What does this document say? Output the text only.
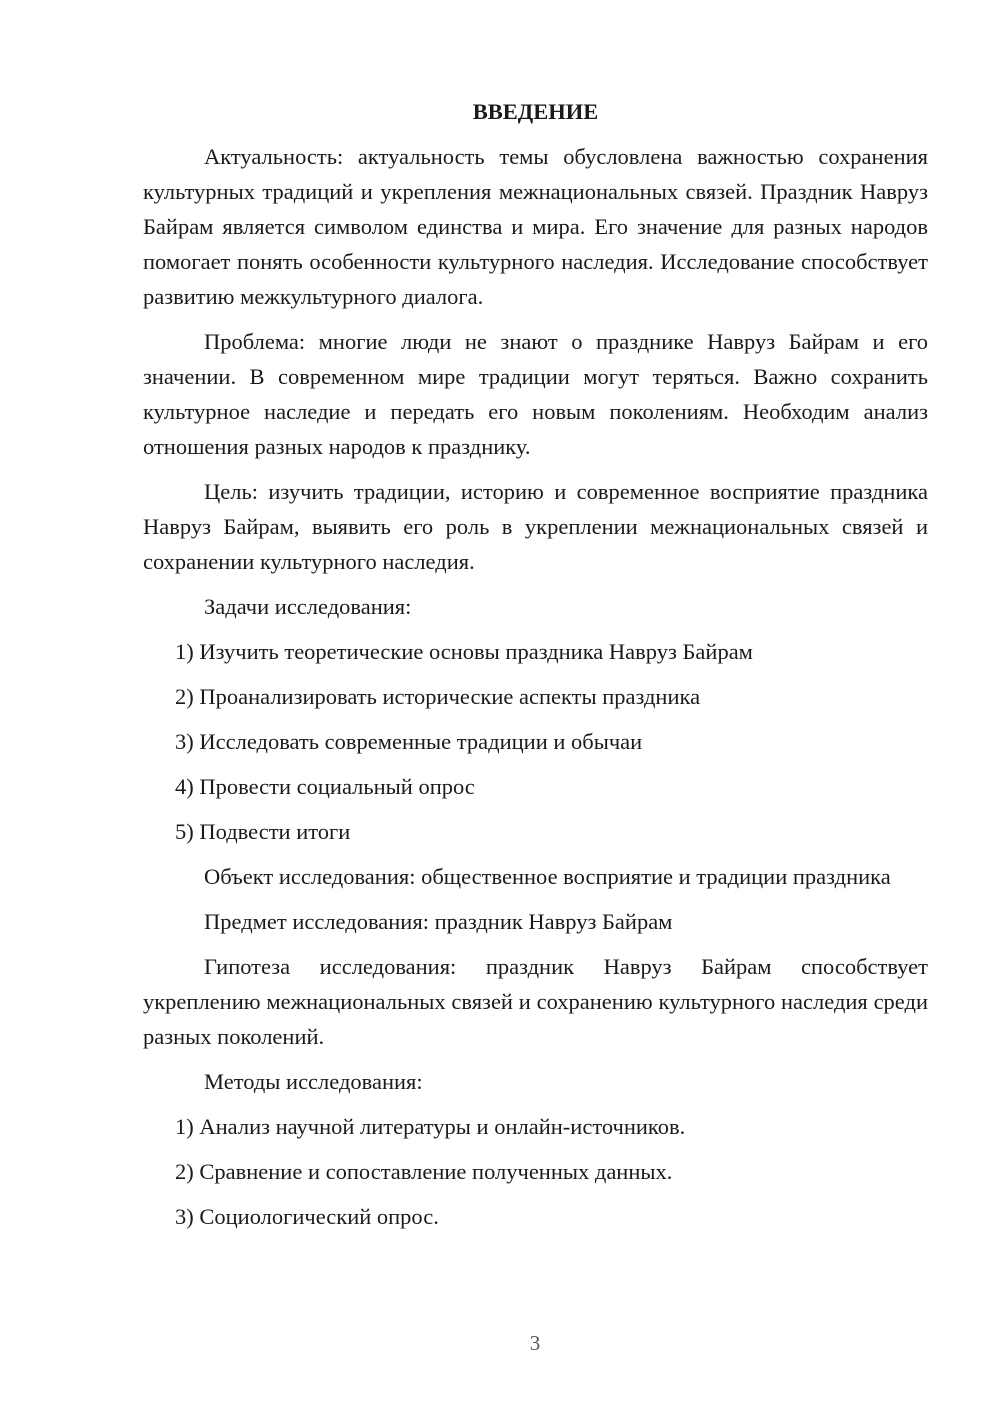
ВВЕДЕНИЕ

Актуальность: актуальность темы обусловлена важностью сохранения культурных традиций и укрепления межнациональных связей. Праздник Навруз Байрам является символом единства и мира. Его значение для разных народов помогает понять особенности культурного наследия. Исследование способствует развитию межкультурного диалога.

Проблема: многие люди не знают о празднике Навруз Байрам и его значении. В современном мире традиции могут теряться. Важно сохранить культурное наследие и передать его новым поколениям. Необходим анализ отношения разных народов к празднику.

Цель: изучить традиции, историю и современное восприятие праздника Навруз Байрам, выявить его роль в укреплении межнациональных связей и сохранении культурного наследия.

Задачи исследования:

1) Изучить теоретические основы праздника Навруз Байрам
2) Проанализировать исторические аспекты праздника
3) Исследовать современные традиции и обычаи
4) Провести социальный опрос
5) Подвести итоги

Объект исследования: общественное восприятие и традиции праздника

Предмет исследования: праздник Навруз Байрам

Гипотеза исследования: праздник Навруз Байрам способствует укреплению межнациональных связей и сохранению культурного наследия среди разных поколений.

Методы исследования:

1) Анализ научной литературы и онлайн-источников.
2) Сравнение и сопоставление полученных данных.
3) Социологический опрос.
3
